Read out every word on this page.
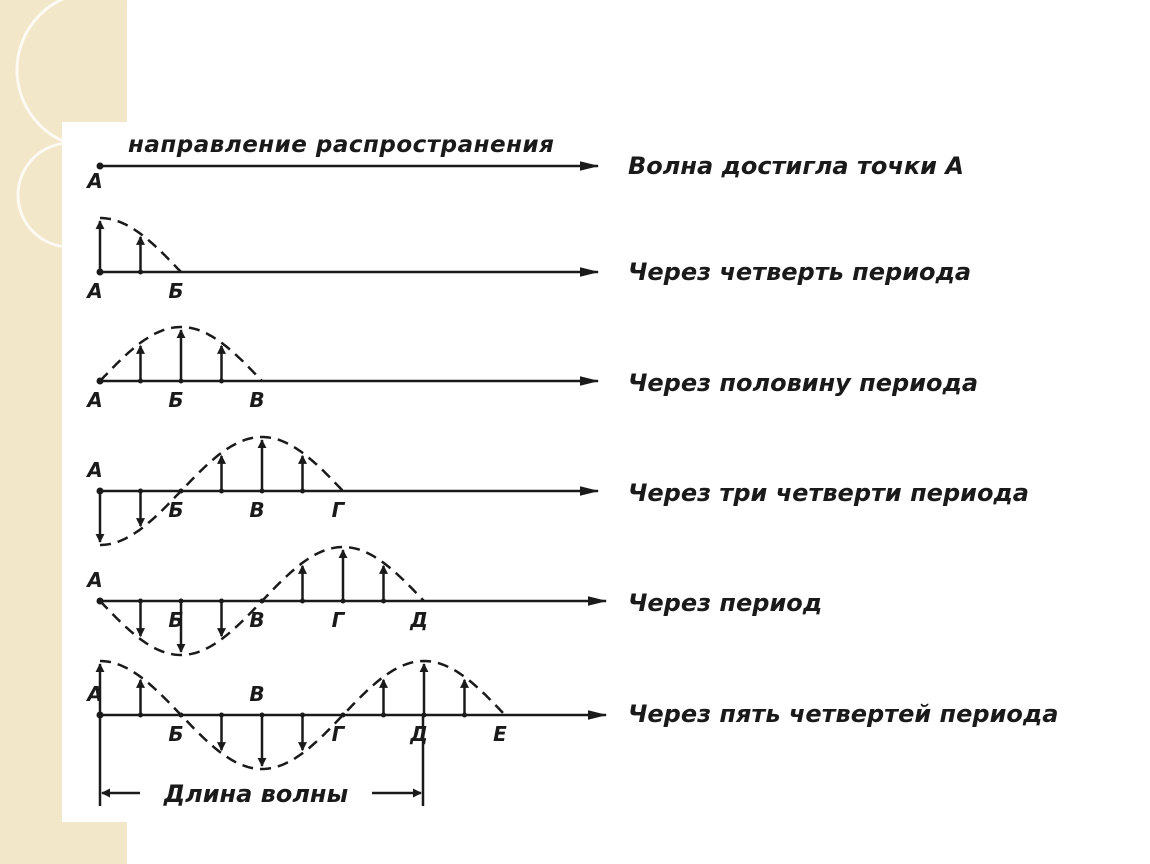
направление распространения
Волна достигла точки А
Через четверть периода
Через половину периода
Через три четверти периода
Через период
Через пять четвертей периода
А
А	Б
А	Б	В
А
Б	В	Г
А
Б	В	Г	Д
А
Б
В
Г	Д	Е
Длина волны
